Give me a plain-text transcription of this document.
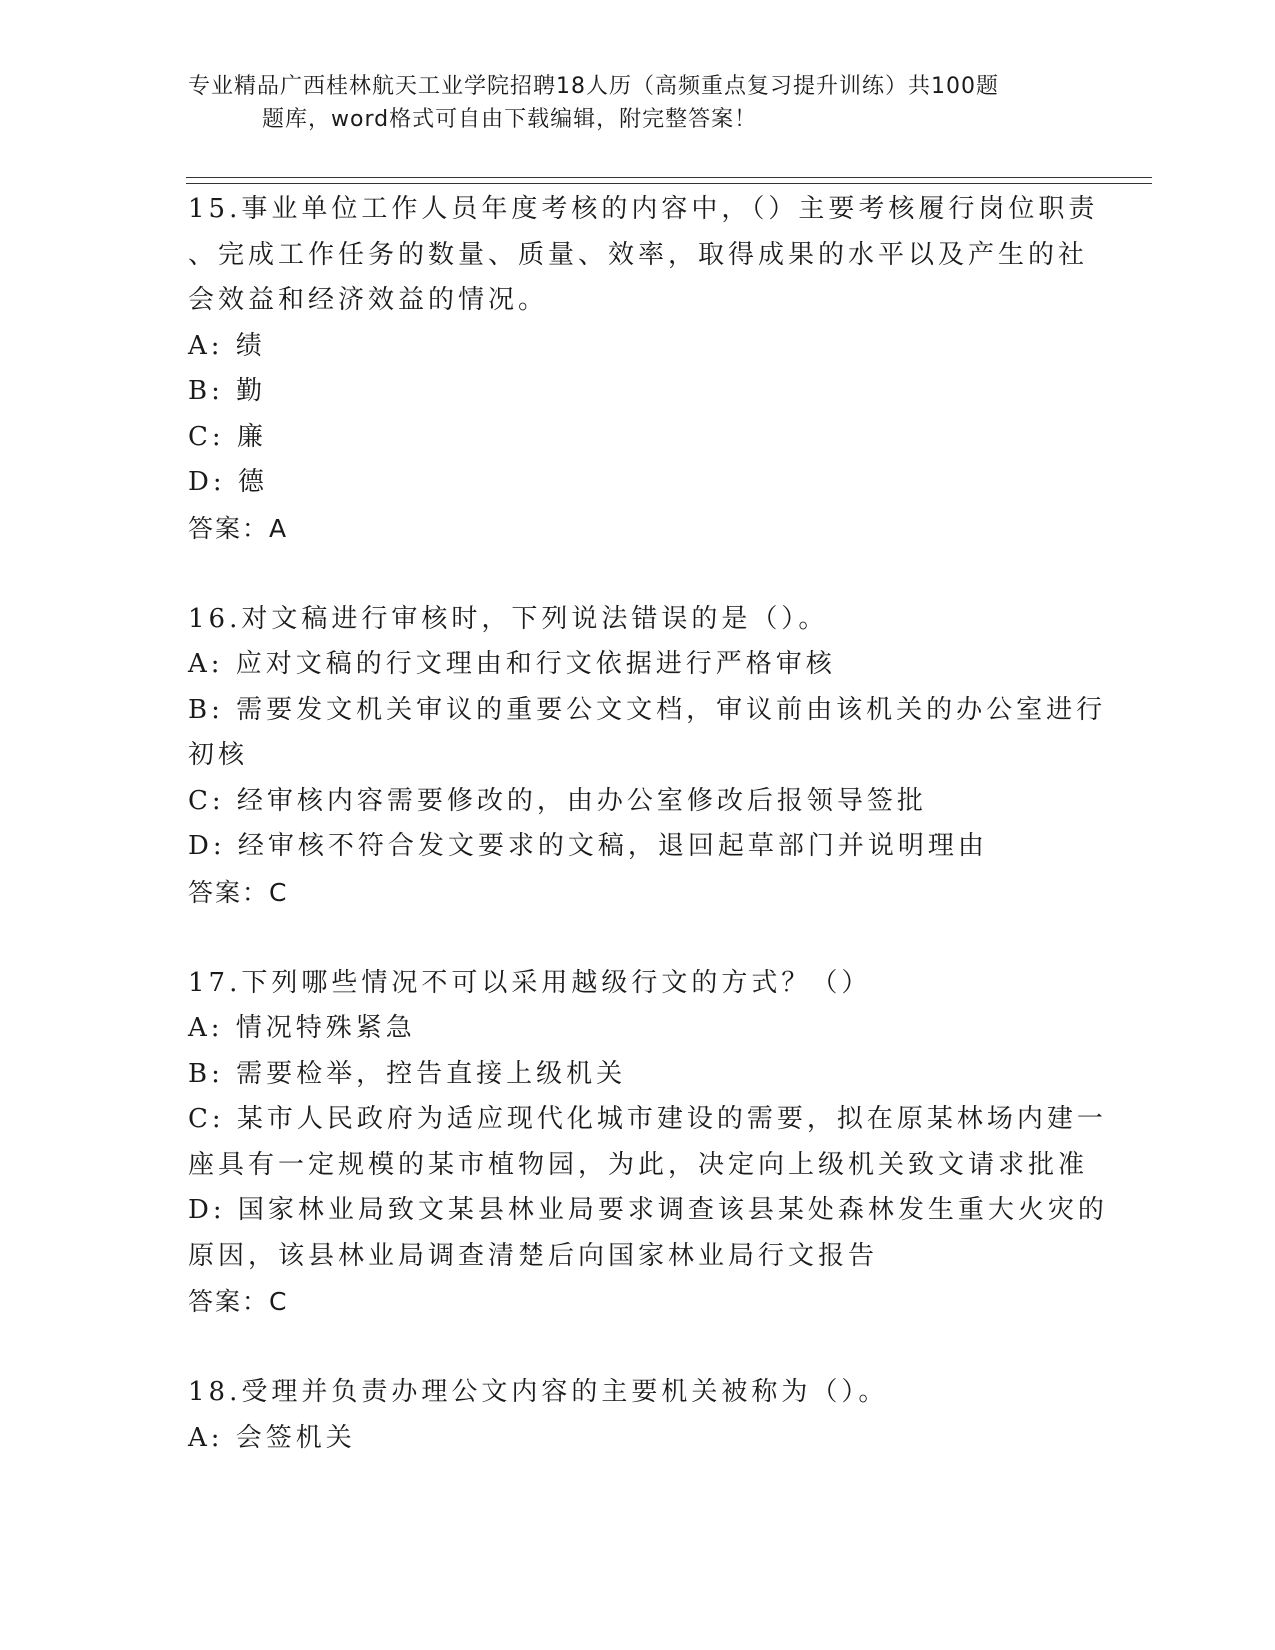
专业精品广西桂林航天工业学院招聘18人历（高频重点复习提升训练）共100题
题库，word格式可自由下载编辑，附完整答案！
15.事业单位工作人员年度考核的内容中，（）主要考核履行岗位职责
、完成工作任务的数量、质量、效率，取得成果的水平以及产生的社
会效益和经济效益的情况。
A: 绩
B: 勤
C: 廉
D: 德
答案：A
16.对文稿进行审核时，下列说法错误的是（）。
A: 应对文稿的行文理由和行文依据进行严格审核
B: 需要发文机关审议的重要公文文档，审议前由该机关的办公室进行
初核
C: 经审核内容需要修改的，由办公室修改后报领导签批
D: 经审核不符合发文要求的文稿，退回起草部门并说明理由
答案：C
17.下列哪些情况不可以采用越级行文的方式？（）
A: 情况特殊紧急
B: 需要检举，控告直接上级机关
C: 某市人民政府为适应现代化城市建设的需要，拟在原某林场内建一
座具有一定规模的某市植物园，为此，决定向上级机关致文请求批准
D: 国家林业局致文某县林业局要求调查该县某处森林发生重大火灾的
原因，该县林业局调查清楚后向国家林业局行文报告
答案：C
18.受理并负责办理公文内容的主要机关被称为（）。
A: 会签机关
